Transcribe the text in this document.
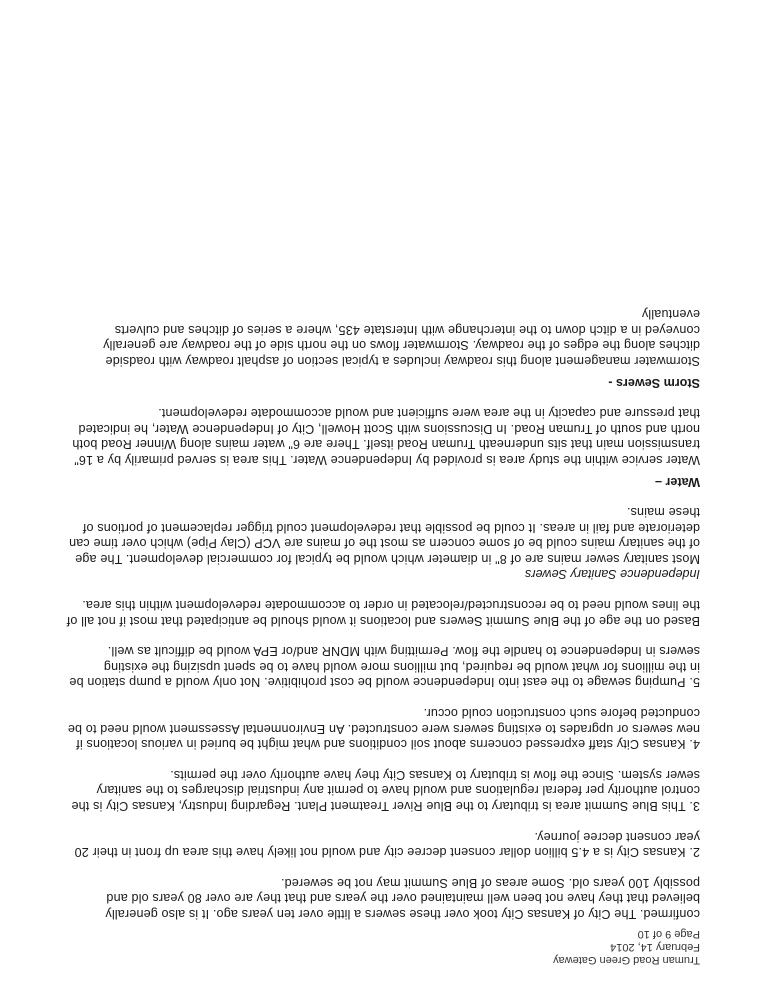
Truman Road Green Gateway
February 14, 2014
Page 9 of 10

confirmed. The City of Kansas City took over these sewers a little over ten years ago. It is also generally believed that they have not been well maintained over the years and that they are over 80 years old and possibly 100 years old. Some areas of Blue Summit may not be sewered.

2. Kansas City is a 4.5 billion dollar consent decree city and would not likely have this area up front in their 20 year consent decree journey.

3. This Blue Summit area is tributary to the Blue River Treatment Plant. Regarding Industry, Kansas City is the control authority per federal regulations and would have to permit any industrial discharges to the sanitary sewer system. Since the flow is tributary to Kansas City they have authority over the permits.

4. Kansas City staff expressed concerns about soil conditions and what might be buried in various locations if new sewers or upgrades to existing sewers were constructed. An Environmental Assessment would need to be conducted before such construction could occur.

5. Pumping sewage to the east into Independence would be cost prohibitive. Not only would a pump station be in the millions for what would be required, but millions more would have to be spent upsizing the existing sewers in Independence to handle the flow. Permitting with MDNR and/or EPA would be difficult as well.

Based on the age of the Blue Summit Sewers and locations it would should be anticipated that most if not all of the lines would need to be reconstructed/relocated in order to accommodate redevelopment within this area.

Independence Sanitary Sewers

Most sanitary sewer mains are of 8" in diameter which would be typical for commercial development. The age of the sanitary mains could be of some concern as most the of mains are VCP (Clay Pipe) which over time can deteriorate and fail in areas. It could be possible that redevelopment could trigger replacement of portions of these mains.

Water –

Water service within the study area is provided by Independence Water. This area is served primarily by a 16" transmission main that sits underneath Truman Road itself. There are 6" water mains along Winner Road both north and south of Truman Road. In Discussions with Scott Howell, City of Independence Water, he indicated that pressure and capacity in the area were sufficient and would accommodate redevelopment.

Storm Sewers -

Stormwater management along this roadway includes a typical section of asphalt roadway with roadside ditches along the edges of the roadway. Stormwater flows on the north side of the roadway are generally conveyed in a ditch down to the interchange with Interstate 435, where a series of ditches and culverts eventually
